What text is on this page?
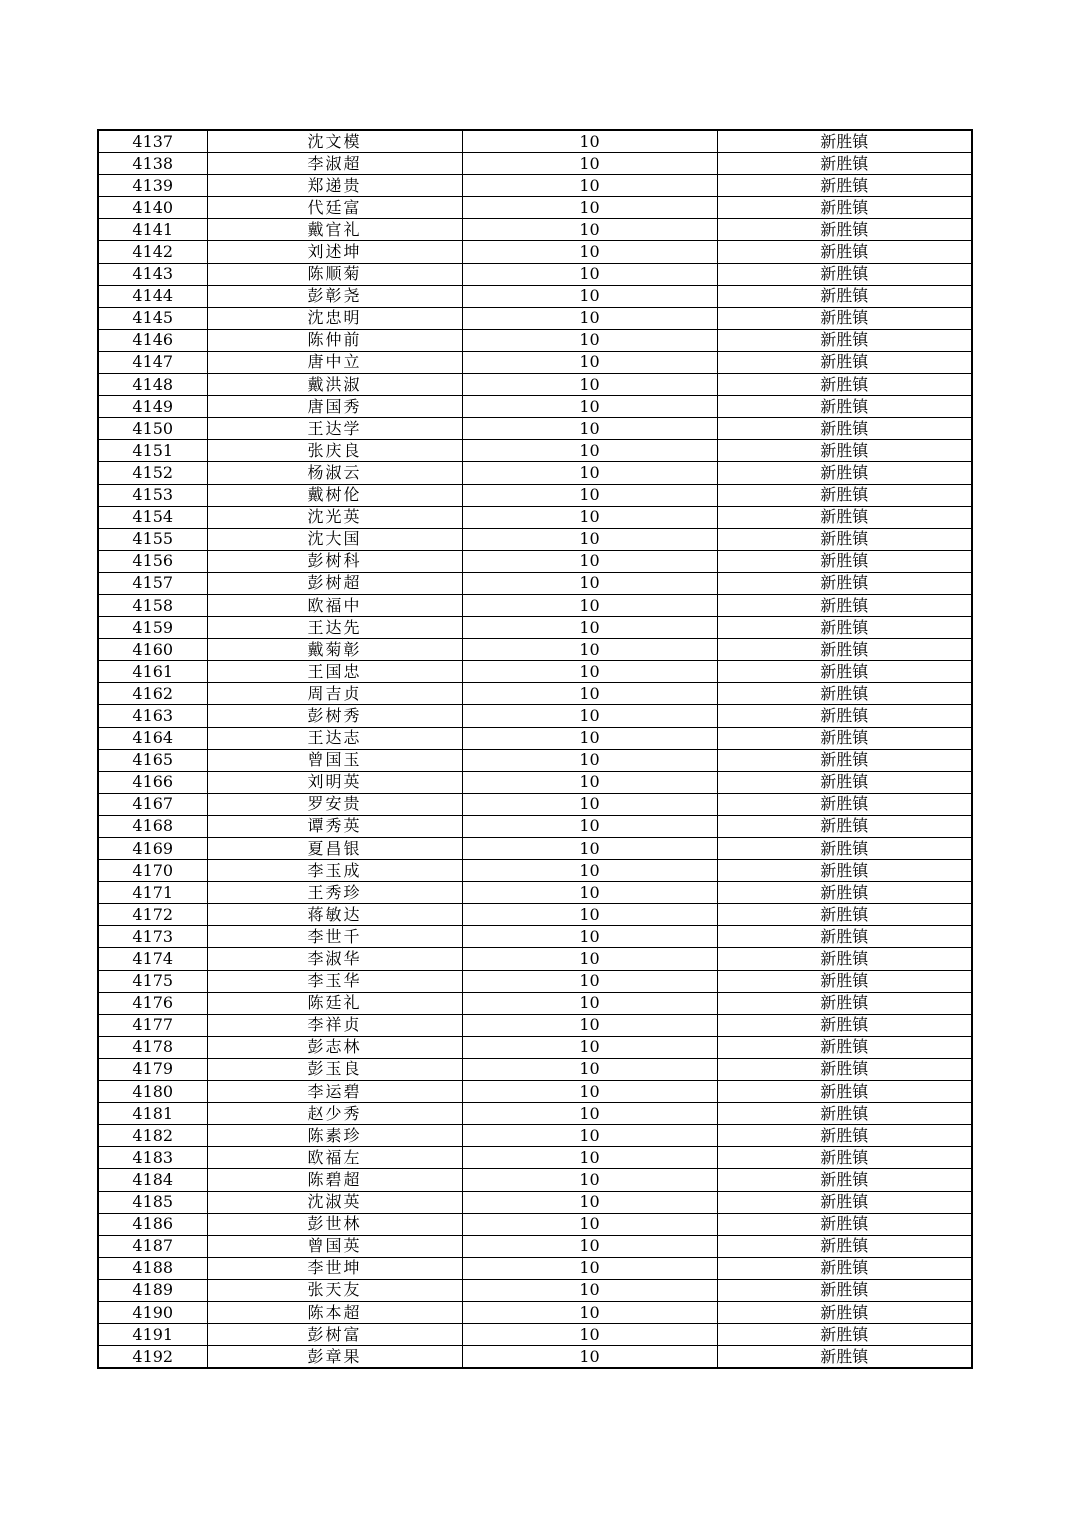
4137	沈文模	10	新胜镇
4138	李淑超	10	新胜镇
4139	郑递贵	10	新胜镇
4140	代廷富	10	新胜镇
4141	戴官礼	10	新胜镇
4142	刘述坤	10	新胜镇
4143	陈顺菊	10	新胜镇
4144	彭彰尧	10	新胜镇
4145	沈忠明	10	新胜镇
4146	陈仲前	10	新胜镇
4147	唐中立	10	新胜镇
4148	戴洪淑	10	新胜镇
4149	唐国秀	10	新胜镇
4150	王达学	10	新胜镇
4151	张庆良	10	新胜镇
4152	杨淑云	10	新胜镇
4153	戴树伦	10	新胜镇
4154	沈光英	10	新胜镇
4155	沈大国	10	新胜镇
4156	彭树科	10	新胜镇
4157	彭树超	10	新胜镇
4158	欧福中	10	新胜镇
4159	王达先	10	新胜镇
4160	戴菊彰	10	新胜镇
4161	王国忠	10	新胜镇
4162	周吉贞	10	新胜镇
4163	彭树秀	10	新胜镇
4164	王达志	10	新胜镇
4165	曾国玉	10	新胜镇
4166	刘明英	10	新胜镇
4167	罗安贵	10	新胜镇
4168	谭秀英	10	新胜镇
4169	夏昌银	10	新胜镇
4170	李玉成	10	新胜镇
4171	王秀珍	10	新胜镇
4172	蒋敏达	10	新胜镇
4173	李世千	10	新胜镇
4174	李淑华	10	新胜镇
4175	李玉华	10	新胜镇
4176	陈廷礼	10	新胜镇
4177	李祥贞	10	新胜镇
4178	彭志林	10	新胜镇
4179	彭玉良	10	新胜镇
4180	李运碧	10	新胜镇
4181	赵少秀	10	新胜镇
4182	陈素珍	10	新胜镇
4183	欧福左	10	新胜镇
4184	陈碧超	10	新胜镇
4185	沈淑英	10	新胜镇
4186	彭世林	10	新胜镇
4187	曾国英	10	新胜镇
4188	李世坤	10	新胜镇
4189	张天友	10	新胜镇
4190	陈本超	10	新胜镇
4191	彭树富	10	新胜镇
4192	彭章果	10	新胜镇
